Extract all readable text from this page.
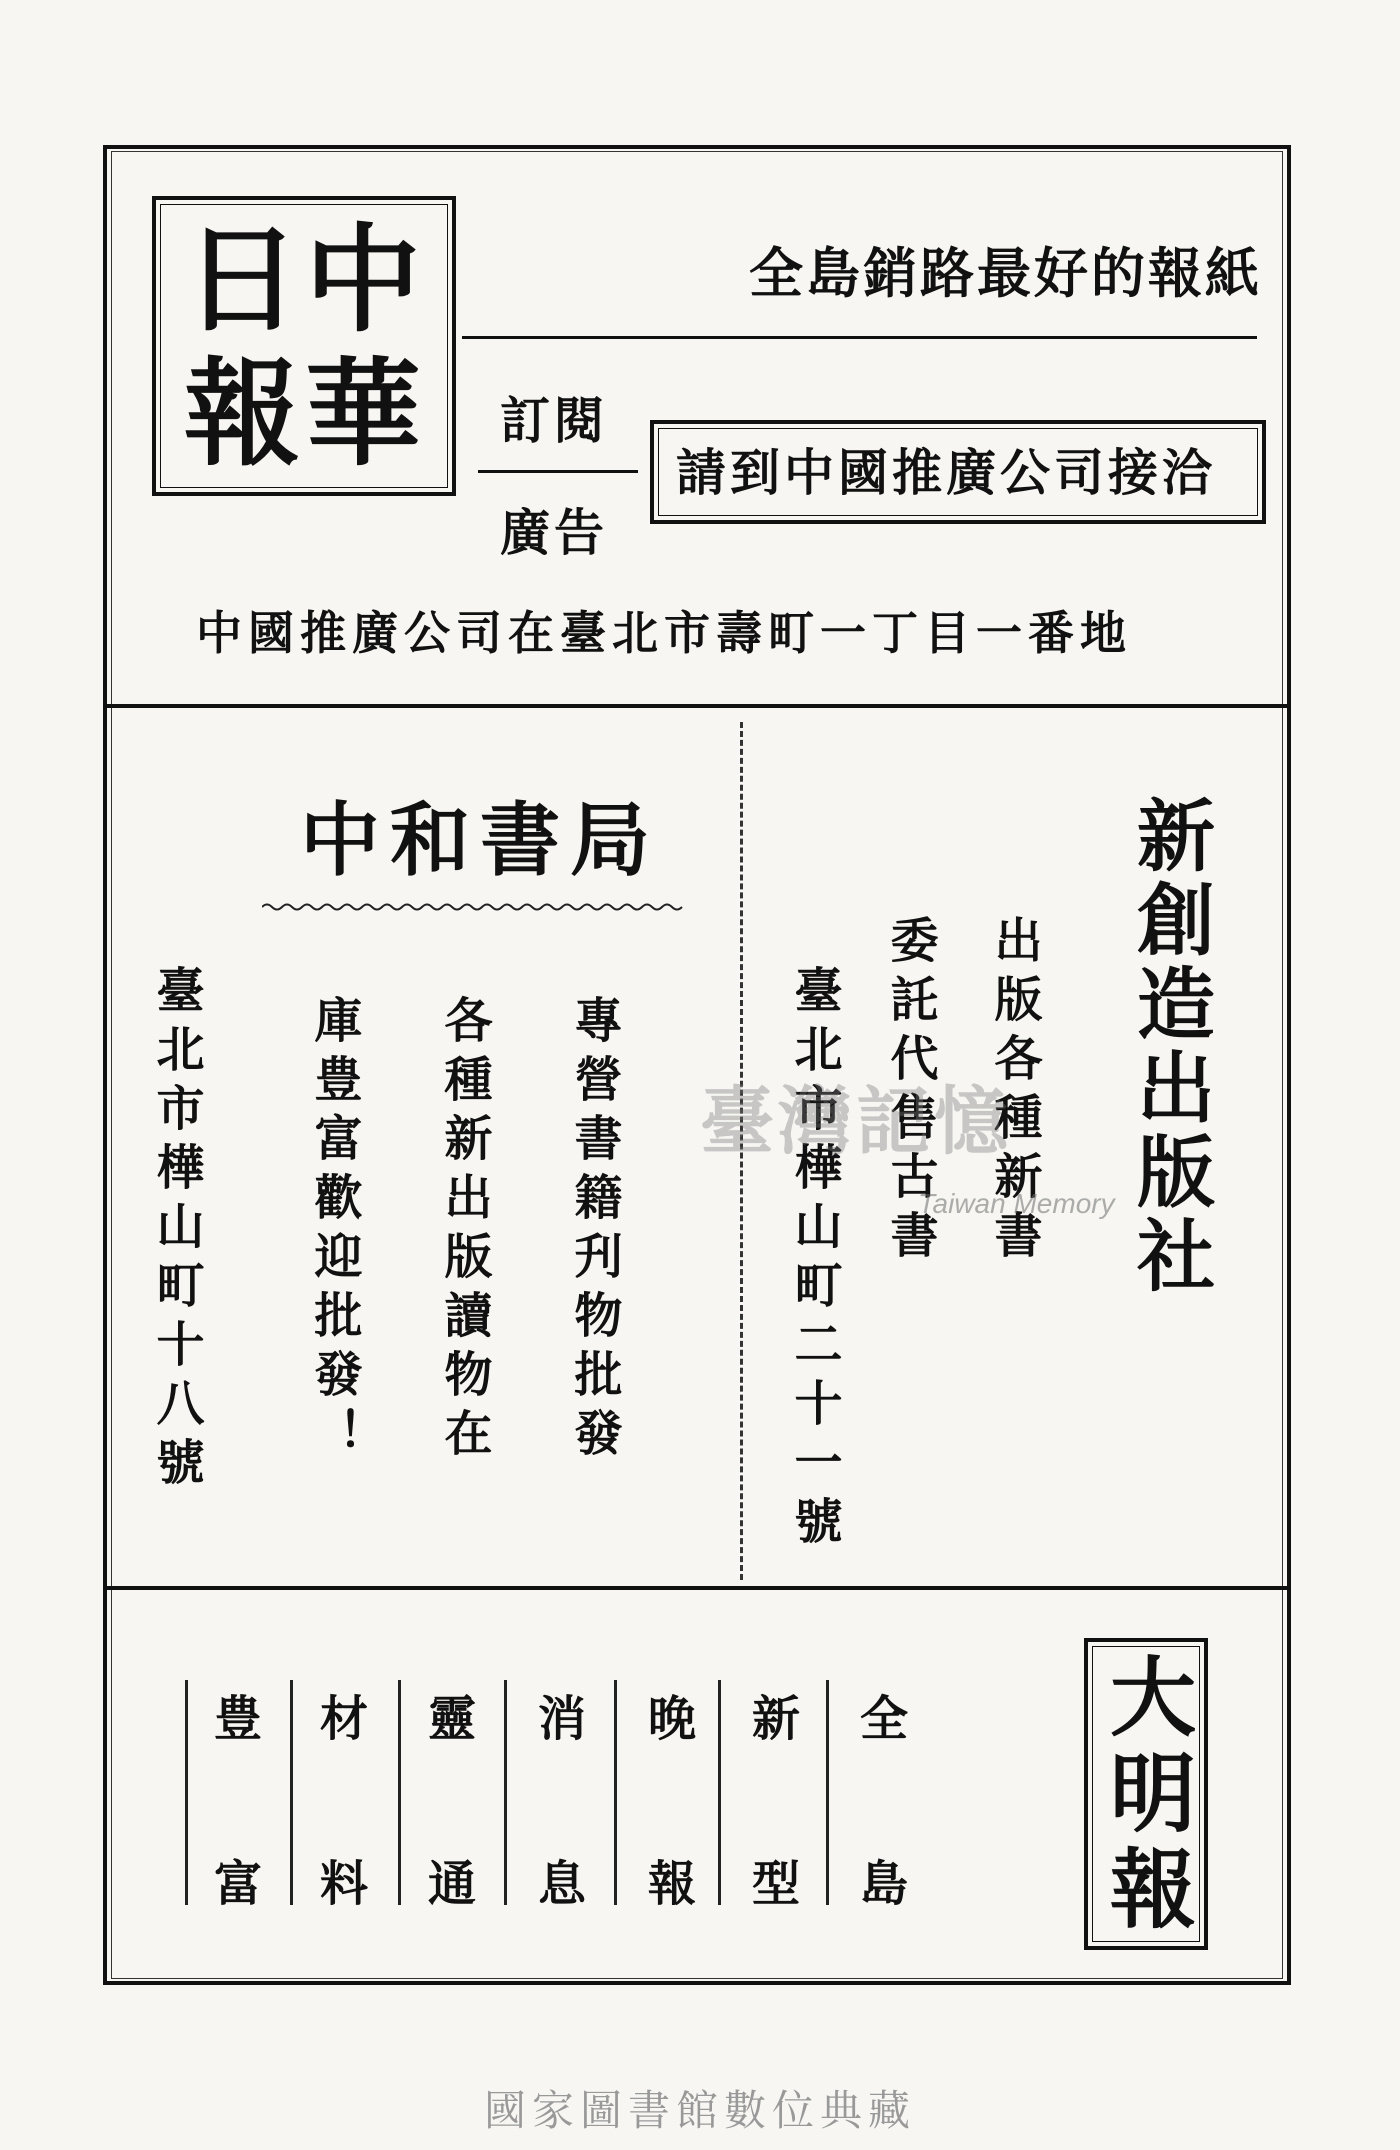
中
華
日
報
全島銷路最好的報紙
訂閱
廣告
請到中國推廣公司接洽
中國推廣公司在臺北市壽町一丁目一番地
中和書局
專營書籍刋物批發
各種新出版讀物在
庫豊富歡迎批發！
臺北市樺山町十八號	新創造出版社
出版各種新書
委託代售古書
臺北市樺山町二十一號
臺灣記憶
Taiwan Memory
大明報
全
島
新
型
晚
報
消
息
靈
通
材
料
豊
富
國家圖書館數位典藏
